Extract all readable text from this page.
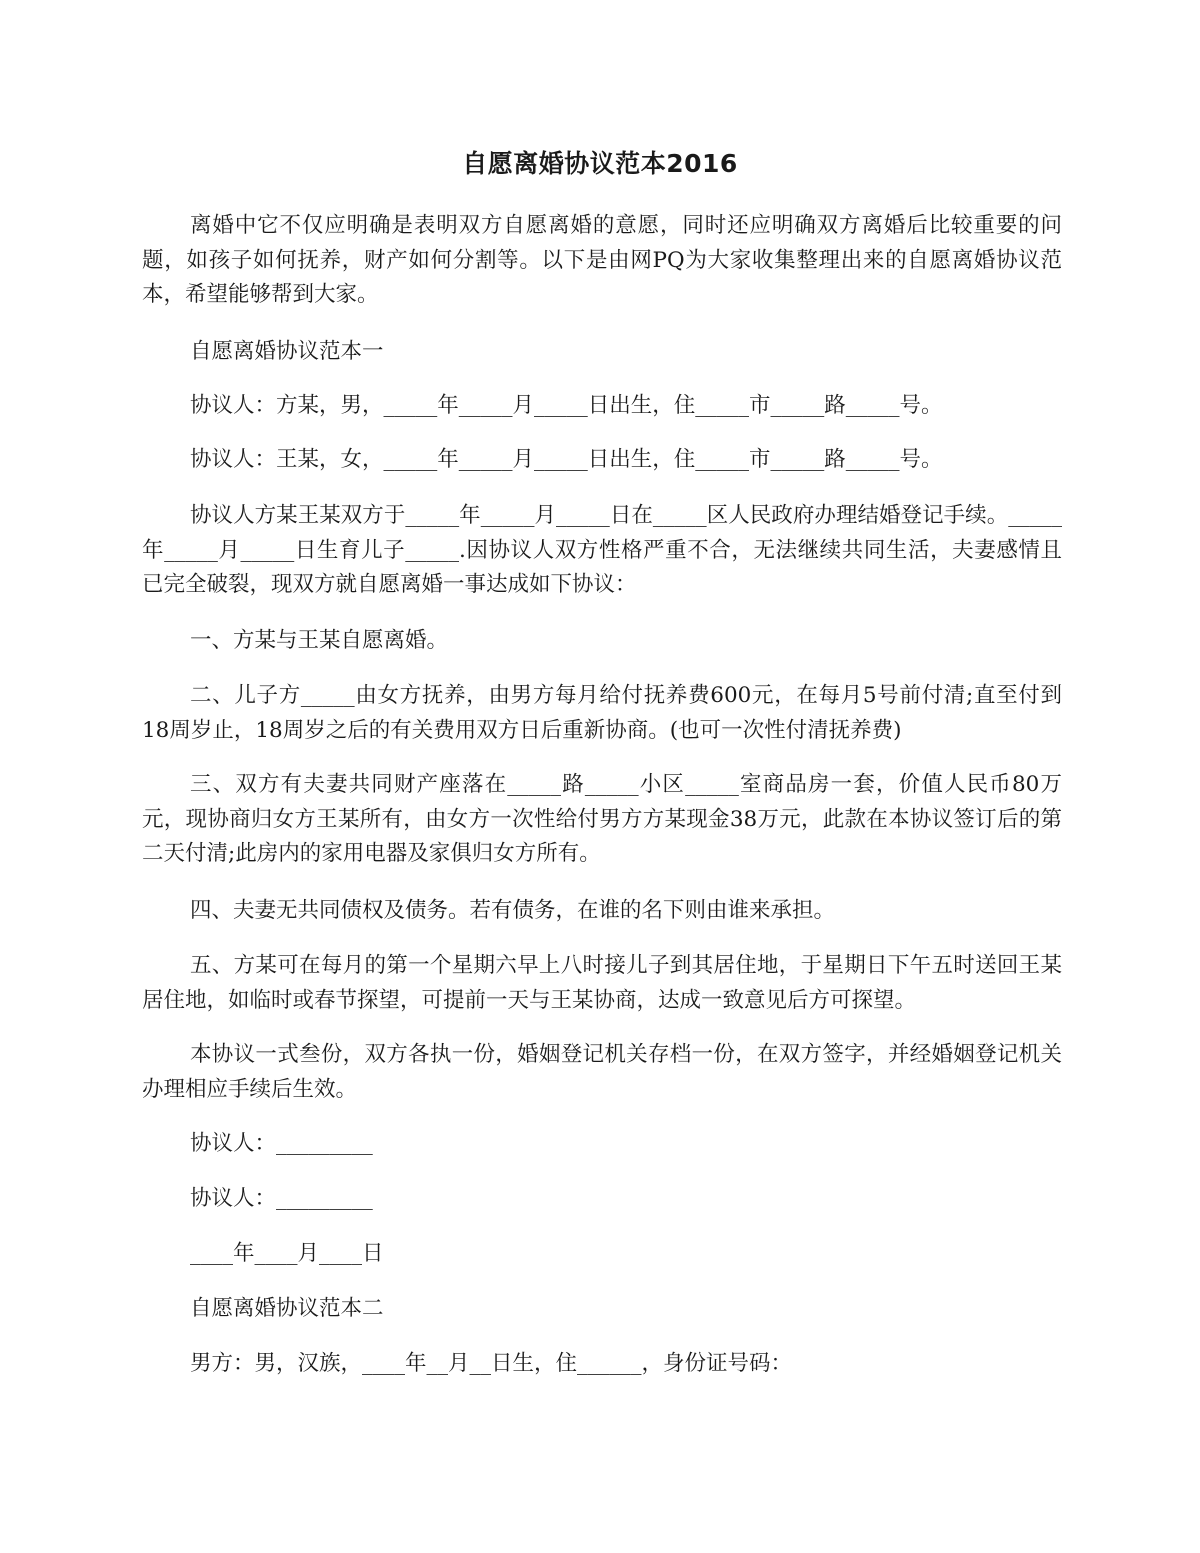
自愿离婚协议范本2016

离婚中它不仅应明确是表明双方自愿离婚的意愿，同时还应明确双方离婚后比较重要的问题，如孩子如何抚养，财产如何分割等。以下是由网PQ为大家收集整理出来的自愿离婚协议范本，希望能够帮到大家。

自愿离婚协议范本一

协议人：方某，男，_____年_____月_____日出生，住_____市_____路_____号。

协议人：王某，女，_____年_____月_____日出生，住_____市_____路_____号。

协议人方某王某双方于_____年_____月_____日在_____区人民政府办理结婚登记手续。_____年_____月_____日生育儿子_____.因协议人双方性格严重不合，无法继续共同生活，夫妻感情且已完全破裂，现双方就自愿离婚一事达成如下协议：

一、方某与王某自愿离婚。

二、儿子方_____由女方抚养，由男方每月给付抚养费600元，在每月5号前付清;直至付到18周岁止，18周岁之后的有关费用双方日后重新协商。(也可一次性付清抚养费)

三、双方有夫妻共同财产座落在_____路_____小区_____室商品房一套，价值人民币80万元，现协商归女方王某所有，由女方一次性给付男方方某现金38万元，此款在本协议签订后的第二天付清;此房内的家用电器及家俱归女方所有。

四、夫妻无共同债权及债务。若有债务，在谁的名下则由谁来承担。

五、方某可在每月的第一个星期六早上八时接儿子到其居住地，于星期日下午五时送回王某居住地，如临时或春节探望，可提前一天与王某协商，达成一致意见后方可探望。

本协议一式叁份，双方各执一份，婚姻登记机关存档一份，在双方签字，并经婚姻登记机关办理相应手续后生效。

协议人：_________

协议人：_________

____年____月____日

自愿离婚协议范本二

男方：男，汉族，____年__月__日生，住______，身份证号码：
